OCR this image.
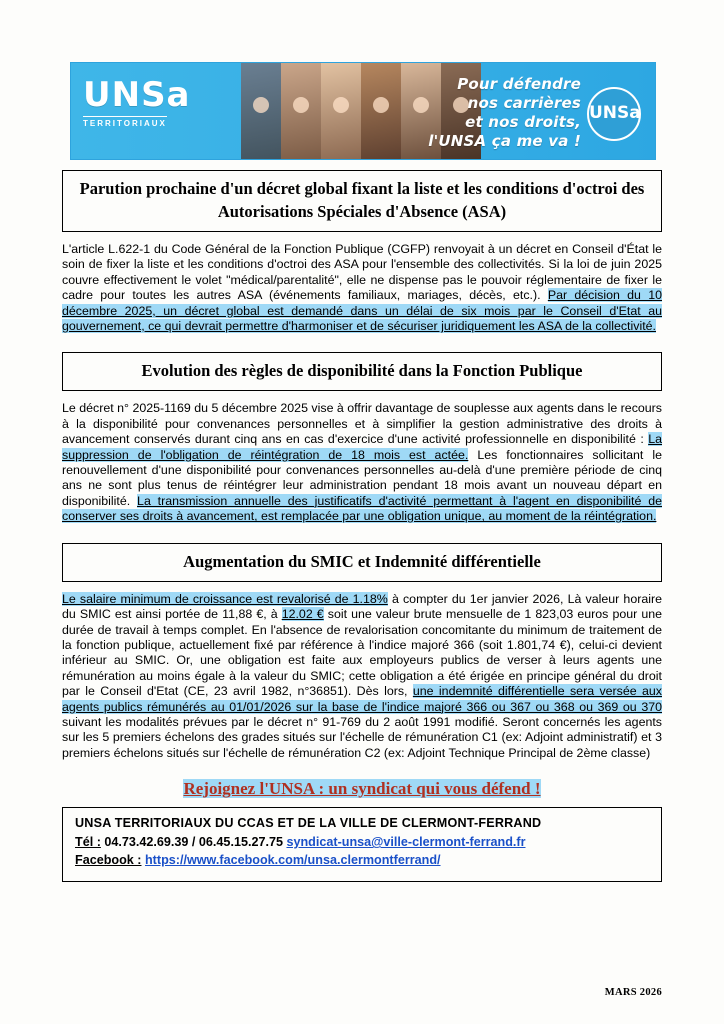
UNSa
TERRITORIAUX
Pour défendre
nos carrières
et nos droits,
l'UNSA ça me va !
UNSa
Parution prochaine d'un décret global fixant la liste et les conditions d'octroi des Autorisations Spéciales d'Absence (ASA)

L'article L.622-1 du Code Général de la Fonction Publique (CGFP) renvoyait à un décret en Conseil d'État le soin de fixer la liste et les conditions d'octroi des ASA pour l'ensemble des collectivités. Si la loi de juin 2025 couvre effectivement le volet "médical/parentalité", elle ne dispense pas le pouvoir réglementaire de fixer le cadre pour toutes les autres ASA (événements familiaux, mariages, décès, etc.). Par décision du 10 décembre 2025, un décret global est demandé dans un délai de six mois par le Conseil d'Etat au gouvernement, ce qui devrait permettre d'harmoniser et de sécuriser juridiquement les ASA de la collectivité.

Evolution des règles de disponibilité dans la Fonction Publique

Le décret n° 2025-1169 du 5 décembre 2025 vise à offrir davantage de souplesse aux agents dans le recours à la disponibilité pour convenances personnelles et à simplifier la gestion administrative des droits à avancement conservés durant cinq ans en cas d'exercice d'une activité professionnelle en disponibilité : La suppression de l'obligation de réintégration de 18 mois est actée. Les fonctionnaires sollicitant le renouvellement d'une disponibilité pour convenances personnelles au-delà d'une première période de cinq ans ne sont plus tenus de réintégrer leur administration pendant 18 mois avant un nouveau départ en disponibilité. La transmission annuelle des justificatifs d'activité permettant à l'agent en disponibilité de conserver ses droits à avancement, est remplacée par une obligation unique, au moment de la réintégration.

Augmentation du SMIC et Indemnité différentielle

Le salaire minimum de croissance est revalorisé de 1.18% à compter du 1er janvier 2026, Là valeur horaire du SMIC est ainsi portée de 11,88 €, à 12.02 € soit une valeur brute mensuelle de 1 823,03 euros pour une durée de travail à temps complet. En l'absence de revalorisation concomitante du minimum de traitement de la fonction publique, actuellement fixé par référence à l'indice majoré 366 (soit 1.801,74 €), celui-ci devient inférieur au SMIC. Or, une obligation est faite aux employeurs publics de verser à leurs agents une rémunération au moins égale à la valeur du SMIC; cette obligation a été érigée en principe général du droit par le Conseil d'Etat (CE, 23 avril 1982, n°36851). Dès lors, une indemnité différentielle sera versée aux agents publics rémunérés au 01/01/2026 sur la base de l'indice majoré 366 ou 367 ou 368 ou 369 ou 370 suivant les modalités prévues par le décret n° 91-769 du 2 août 1991 modifié. Seront concernés les agents sur les 5 premiers échelons des grades situés sur l'échelle de rémunération C1 (ex: Adjoint administratif) et 3 premiers échelons situés sur l'échelle de rémunération C2 (ex: Adjoint Technique Principal de 2ème classe)

Rejoignez l'UNSA : un syndicat qui vous défend !
UNSA TERRITORIAUX DU CCAS ET DE LA VILLE DE CLERMONT-FERRAND
Tél : 04.73.42.69.39 / 06.45.15.27.75 syndicat-unsa@ville-clermont-ferrand.fr
Facebook : https://www.facebook.com/unsa.clermontferrand/
MARS 2026
